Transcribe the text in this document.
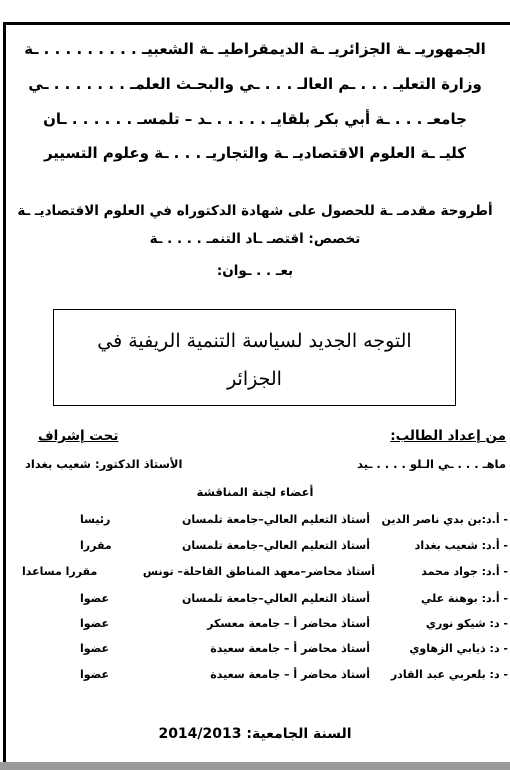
الجمهوريـ ـة الجزائريـ ـة الديمقراطيـ ـة الشعبيـ . . . . . . . . . ـة
وزارة التعليـ . . . ـم العالـ . . . ـي والبحـث العلمـ . . . . . . . ـي
جامعـ . . . ـة أبي بكر بلقايـ . . . . . ـد – تلمسـ . . . . . . ـان
كليـ ـة العلوم الاقتصاديـ ـة والتجاريـ . . . ـة وعلوم التسيير
أطروحة مقدمـ ـة للحصول على شهادة الدكتوراه في العلوم الاقتصاديـ ـة
تخصص: اقتصـ ـاد التنمـ . . . . ـة
بعـ . . ـوان:
التوجه الجديد لسياسة التنمية الريفية في
الجزائر
من إعداد الطالب:
تحت إشراف
ماهـ . . . ـي الـلو . . . . ـيد
الأستاذ الدكتور: شعيب بغداد
أعضاء لجنة المناقشة
- أ.د:بن بدي ناصر الدين
أستاذ التعليم العالي–جامعة تلمسان
رئيسا
- أ.د: شعيب بغداد
أستاذ التعليم العالي–جامعة تلمسان
مقررا
- أ.د: جواد محمد
أستاذ محاضر–معهد المناطق القاحلة– تونس
مقررا مساعدا
- أ.د: بوهنة علي
أستاذ التعليم العالي–جامعة تلمسان
عضوا
- د: شيكو نوري
أستاذ محاضر أ – جامعة معسكر
عضوا
- د: ذيابي الزهاوي
أستاذ محاضر أ – جامعة سعيدة
عضوا
- د: بلعربي عبد القادر
أستاذ محاضر أ – جامعة سعيدة
عضوا
السنة الجامعية: 2014/2013
